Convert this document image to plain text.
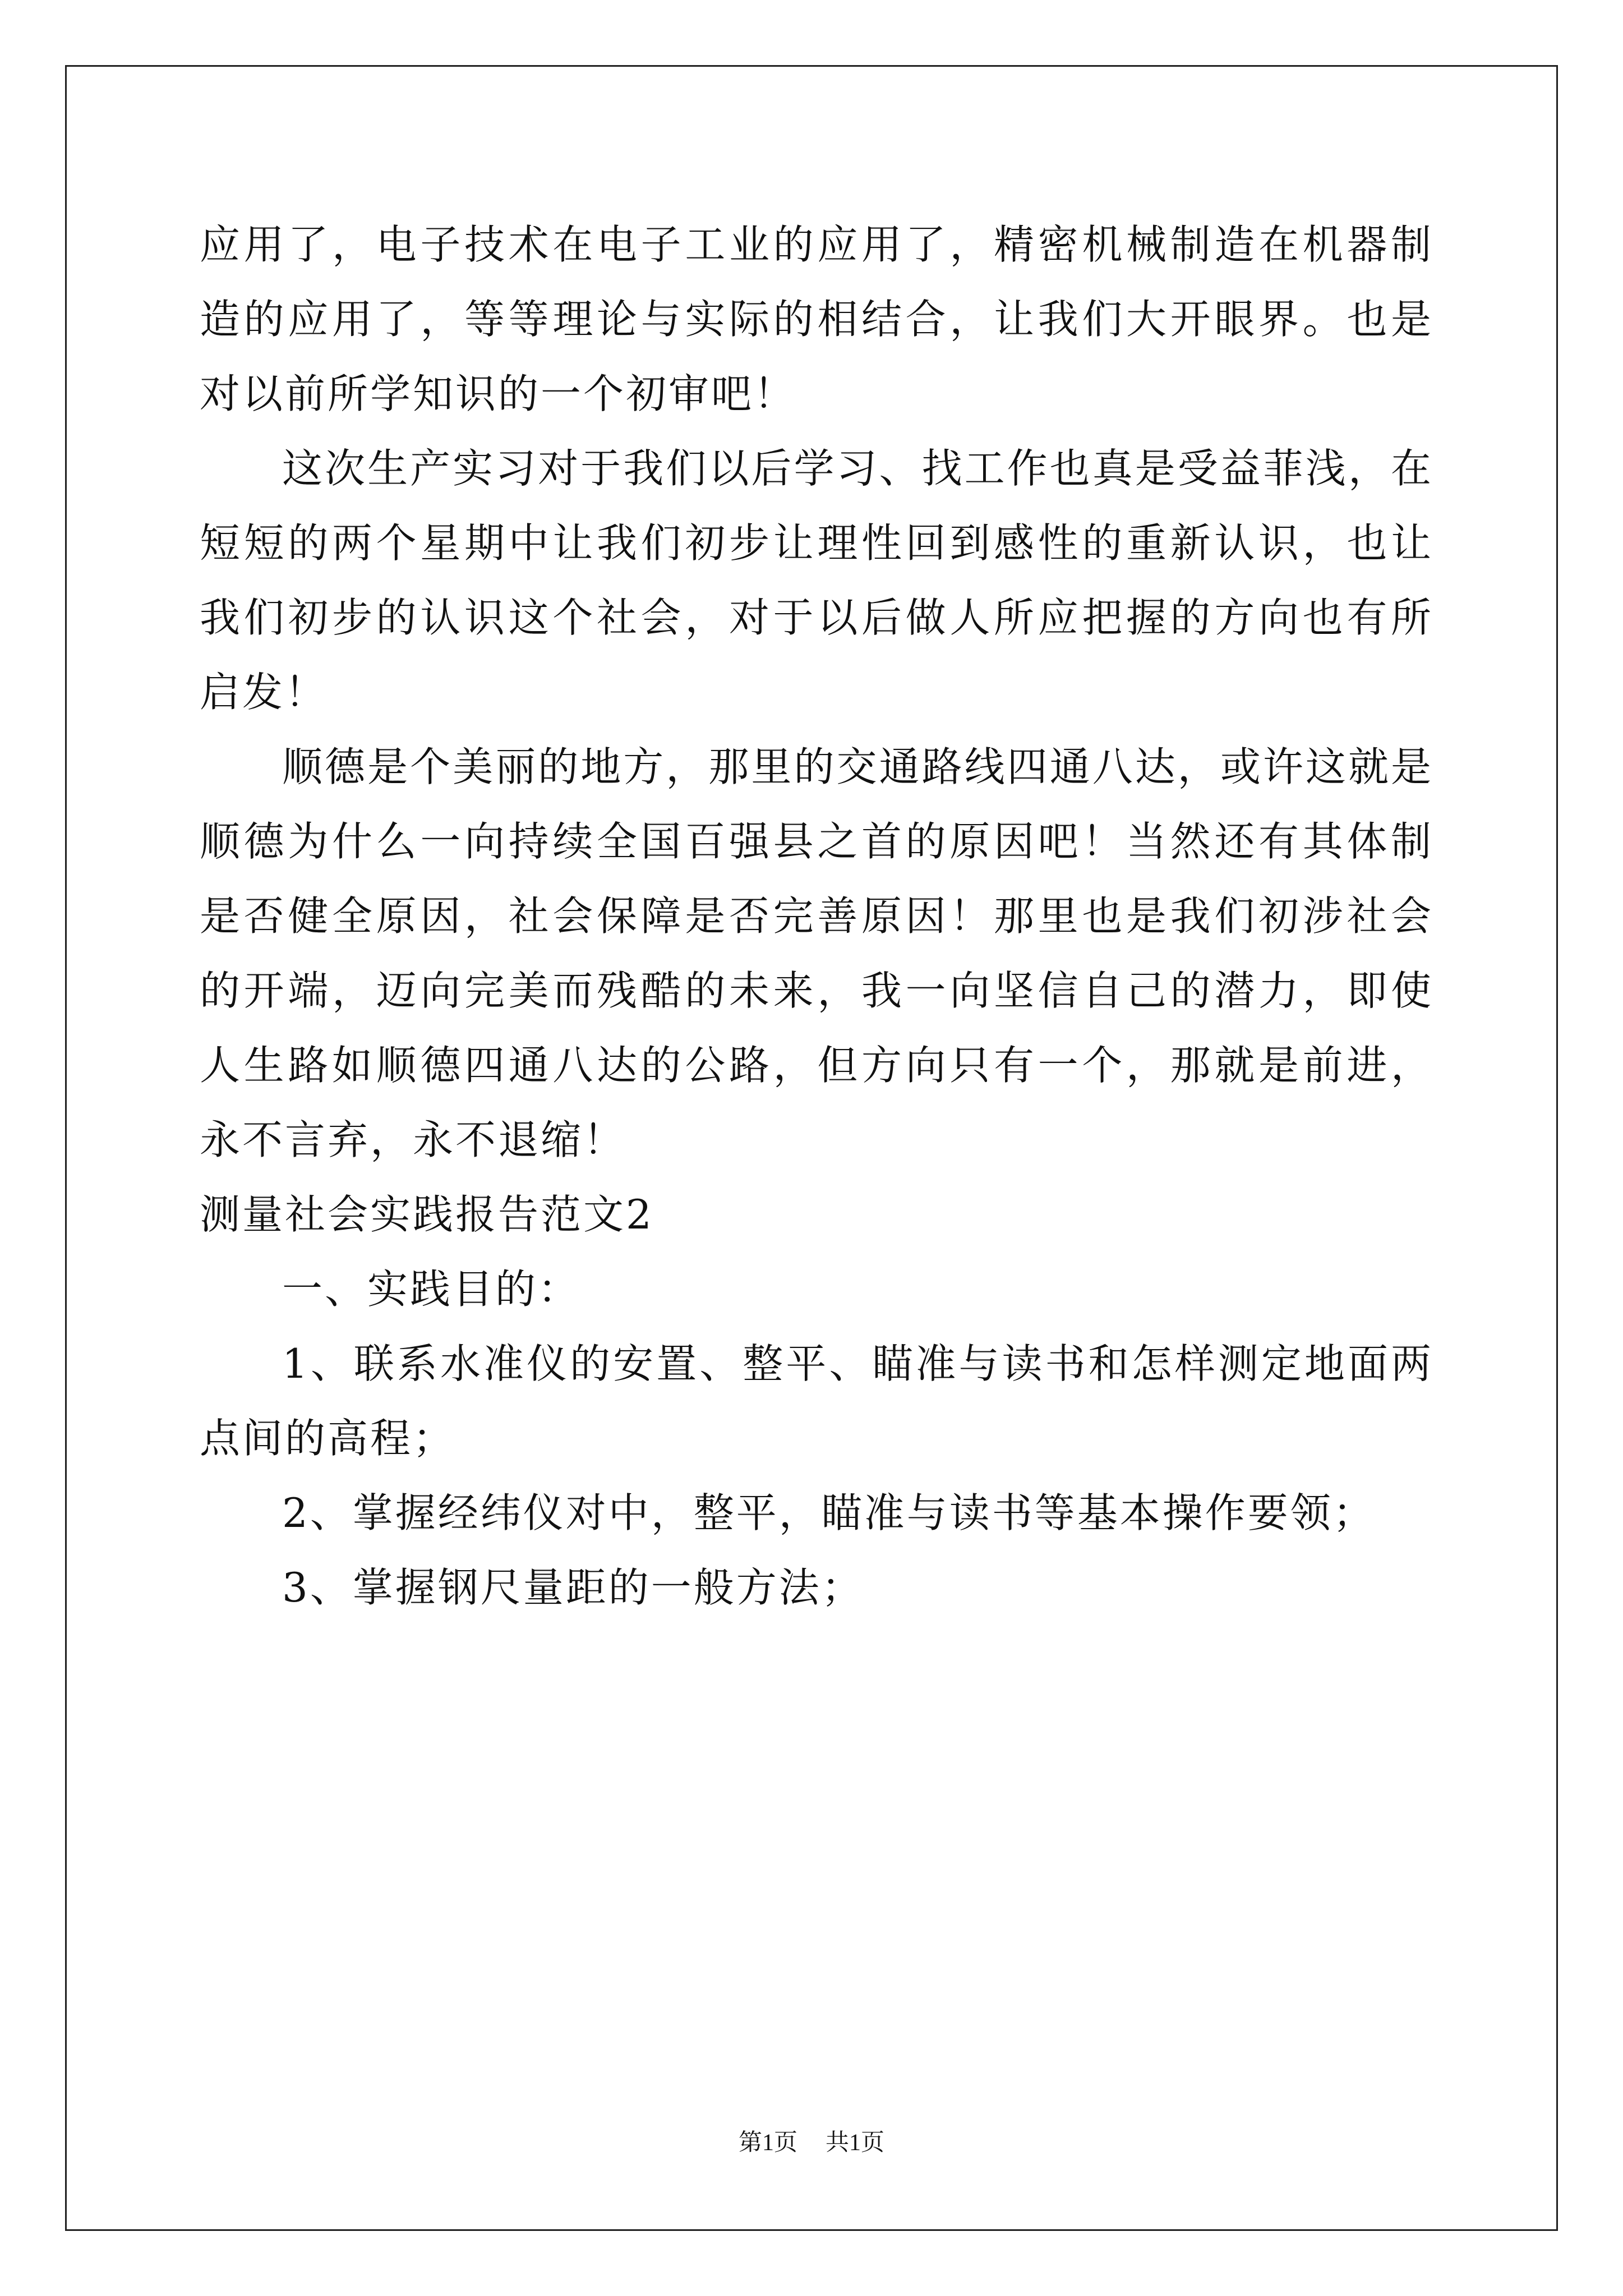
应用了，电子技术在电子工业的应用了，精密机械制造在机器制造的应用了，等等理论与实际的相结合，让我们大开眼界。也是对以前所学知识的一个初审吧！

这次生产实习对于我们以后学习、找工作也真是受益菲浅，在短短的两个星期中让我们初步让理性回到感性的重新认识，也让我们初步的认识这个社会，对于以后做人所应把握的方向也有所启发！

顺德是个美丽的地方，那里的交通路线四通八达，或许这就是顺德为什么一向持续全国百强县之首的原因吧！当然还有其体制是否健全原因，社会保障是否完善原因！那里也是我们初涉社会的开端，迈向完美而残酷的未来，我一向坚信自己的潜力，即使人生路如顺德四通八达的公路，但方向只有一个，那就是前进，永不言弃，永不退缩！

测量社会实践报告范文2

一、实践目的：

1、联系水准仪的安置、整平、瞄准与读书和怎样测定地面两点间的高程；

2、掌握经纬仪对中，整平，瞄准与读书等基本操作要领；

3、掌握钢尺量距的一般方法；

第1页 共1页
